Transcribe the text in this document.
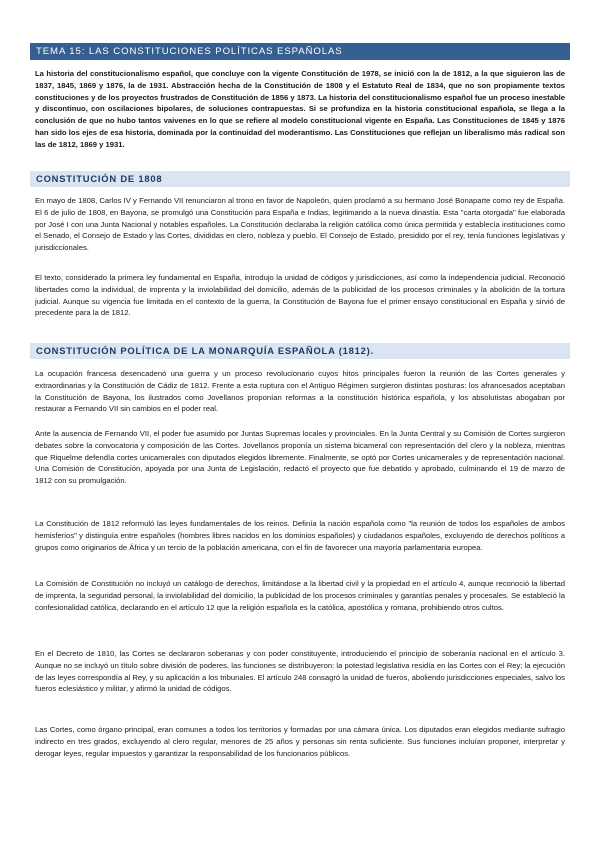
TEMA 15: LAS CONSTITUCIONES POLÍTICAS ESPAÑOLAS

La historia del constitucionalismo español, que concluye con la vigente Constitución de 1978, se inició con la de 1812, a la que siguieron las de 1837, 1845, 1869 y 1876, la de 1931. Abstracción hecha de la Constitución de 1808 y el Estatuto Real de 1834, que no son propiamente textos constituciones y de los proyectos frustrados de Constitución de 1856 y 1873. La historia del constitucionalismo español fue un proceso inestable y discontinuo, con oscilaciones bipolares, de soluciones contrapuestas. Si se profundiza en la historia constitucional española, se llega a la conclusión de que no hubo tantos vaivenes en lo que se refiere al modelo constitucional vigente en España. Las Constituciones de 1845 y 1876 han sido los ejes de esa historia, dominada por la continuidad del moderantismo. Las Constituciones que reflejan un liberalismo más radical son las de 1812, 1869 y 1931.

CONSTITUCIÓN DE 1808

En mayo de 1808, Carlos IV y Fernando VII renunciaron al trono en favor de Napoleón, quien proclamó a su hermano José Bonaparte como rey de España. El 6 de julio de 1808, en Bayona, se promulgó una Constitución para España e Indias, legitimando a la nueva dinastía. Esta "carta otorgada" fue elaborada por José I con una Junta Nacional y notables españoles. La Constitución declaraba la religión católica como única permitida y establecía instituciones como el Senado, el Consejo de Estado y las Cortes, divididas en clero, nobleza y pueblo. El Consejo de Estado, presidido por el rey, tenía funciones legislativas y jurisdiccionales.

El texto, considerado la primera ley fundamental en España, introdujo la unidad de códigos y jurisdicciones, así como la independencia judicial. Reconoció libertades como la individual, de imprenta y la inviolabilidad del domicilio, además de la publicidad de los procesos criminales y la abolición de la tortura judicial. Aunque su vigencia fue limitada en el contexto de la guerra, la Constitución de Bayona fue el primer ensayo constitucional en España y sirvió de precedente para la de 1812.

CONSTITUCIÓN POLÍTICA DE LA MONARQUÍA ESPAÑOLA (1812).

La ocupación francesa desencadenó una guerra y un proceso revolucionario cuyos hitos principales fueron la reunión de las Cortes generales y extraordinarias y la Constitución de Cádiz de 1812. Frente a esta ruptura con el Antiguo Régimen surgieron distintas posturas: los afrancesados aceptaban la Constitución de Bayona, los ilustrados como Jovellanos proponían reformas a la constitución histórica española, y los absolutistas abogaban por restaurar a Fernando VII sin cambios en el poder real.

Ante la ausencia de Fernando VII, el poder fue asumido por Juntas Supremas locales y provinciales. En la Junta Central y su Comisión de Cortes surgieron debates sobre la convocatoria y composición de las Cortes. Jovellanos proponía un sistema bicameral con representación del clero y la nobleza, mientras que Riquelme defendía cortes unicamerales con diputados elegidos libremente. Finalmente, se optó por Cortes unicamerales y de representación nacional. Una Comisión de Constitución, apoyada por una Junta de Legislación, redactó el proyecto que fue debatido y aprobado, culminando el 19 de marzo de 1812 con su promulgación.

La Constitución de 1812 reformuló las leyes fundamentales de los reinos. Definía la nación española como "la reunión de todos los españoles de ambos hemisferios" y distinguía entre españoles (hombres libres nacidos en los dominios españoles) y ciudadanos españoles, excluyendo de derechos políticos a grupos como originarios de África y un tercio de la población americana, con el fin de favorecer una mayoría parlamentaria europea.

La Comisión de Constitución no incluyó un catálogo de derechos, limitándose a la libertad civil y la propiedad en el artículo 4, aunque reconoció la libertad de imprenta, la seguridad personal, la inviolabilidad del domicilio, la publicidad de los procesos criminales y garantías penales y procesales. Se estableció la confesionalidad católica, declarando en el artículo 12 que la religión española es la católica, apostólica y romana, prohibiendo otros cultos.

En el Decreto de 1810, las Cortes se declararon soberanas y con poder constituyente, introduciendo el principio de soberanía nacional en el artículo 3. Aunque no se incluyó un título sobre división de poderes, las funciones se distribuyeron: la potestad legislativa residía en las Cortes con el Rey; la ejecución de las leyes correspondía al Rey, y su aplicación a los tribunales. El artículo 248 consagró la unidad de fueros, aboliendo jurisdicciones especiales, salvo los fueros eclesiástico y militar, y afirmó la unidad de códigos.

Las Cortes, como órgano principal, eran comunes a todos los territorios y formadas por una cámara única. Los diputados eran elegidos mediante sufragio indirecto en tres grados, excluyendo al clero regular, menores de 25 años y personas sin renta suficiente. Sus funciones incluían proponer, interpretar y derogar leyes, regular impuestos y garantizar la responsabilidad de los funcionarios públicos.
